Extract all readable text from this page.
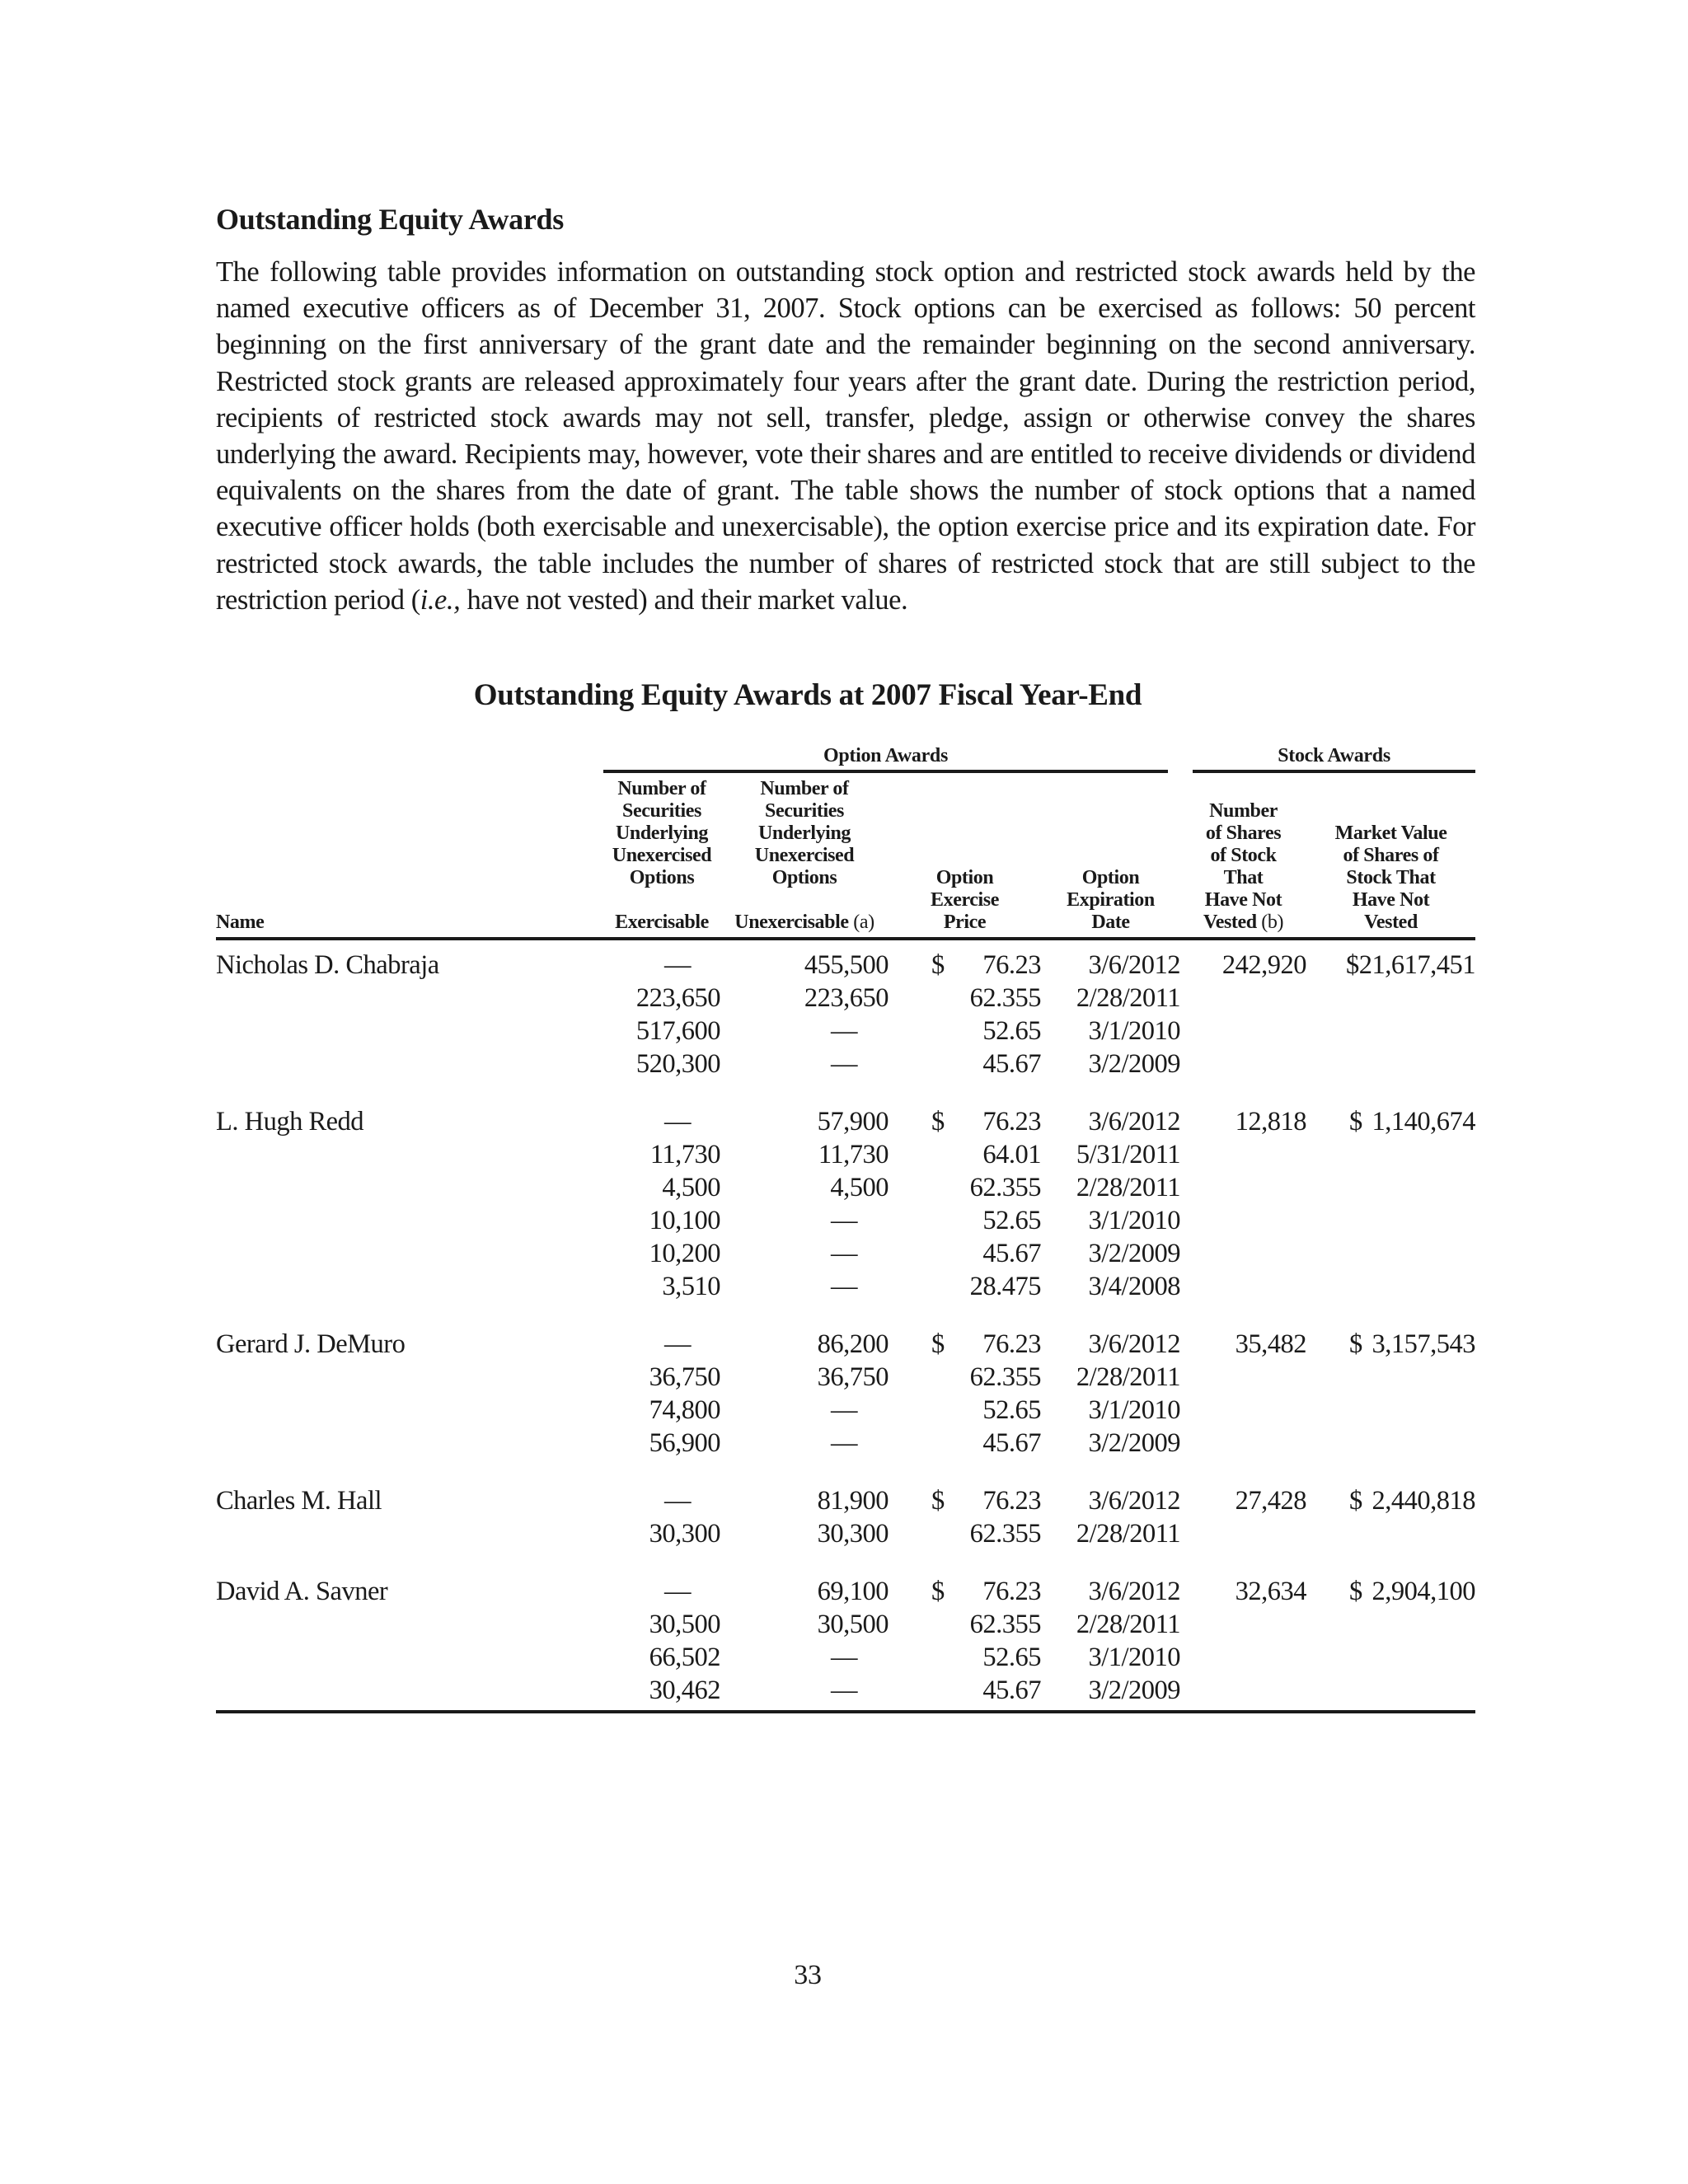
Outstanding Equity Awards

The following table provides information on outstanding stock option and restricted stock awards held by the named executive officers as of December 31, 2007. Stock options can be exercised as follows: 50 percent beginning on the first anniversary of the grant date and the remainder beginning on the second anniversary. Restricted stock grants are released approximately four years after the grant date. During the restriction period, recipients of restricted stock awards may not sell, transfer, pledge, assign or otherwise convey the shares underlying the award. Recipients may, however, vote their shares and are entitled to receive dividends or dividend equivalents on the shares from the date of grant. The table shows the number of stock options that a named executive officer holds (both exercisable and unexercisable), the option exercise price and its expiration date. For restricted stock awards, the table includes the number of shares of restricted stock that are still subject to the restriction period (i.e., have not vested) and their market value.

Outstanding Equity Awards at 2007 Fiscal Year-End
	Option Awards				Stock Awards	
Name	Number of
Securities
Underlying
Unexercised
Options

Exercisable	Number of
Securities
Underlying
Unexercised
Options

Unexercisable (a)	Option
Exercise
Price	Option
Expiration
Date	Number
of Shares
of Stock
That
Have Not
Vested (b)	Market Value
of Shares of
Stock That
Have Not
Vested
Nicholas D. Chabraja	—	455,500	$ 76.23	3/6/2012	242,920	$21,617,451
	223,650	223,650	62.355	2/28/2011		
	517,600	—	52.65	3/1/2010		
	520,300	—	45.67	3/2/2009		

L. Hugh Redd	—	57,900	$ 76.23	3/6/2012	12,818	$ 1,140,674
	11,730	11,730	64.01	5/31/2011		
	4,500	4,500	62.355	2/28/2011		
	10,100	—	52.65	3/1/2010		
	10,200	—	45.67	3/2/2009		
	3,510	—	28.475	3/4/2008		

Gerard J. DeMuro	—	86,200	$ 76.23	3/6/2012	35,482	$ 3,157,543
	36,750	36,750	62.355	2/28/2011		
	74,800	—	52.65	3/1/2010		
	56,900	—	45.67	3/2/2009		

Charles M. Hall	—	81,900	$ 76.23	3/6/2012	27,428	$ 2,440,818
	30,300	30,300	62.355	2/28/2011		

David A. Savner	—	69,100	$ 76.23	3/6/2012	32,634	$ 2,904,100
	30,500	30,500	62.355	2/28/2011		
	66,502	—	52.65	3/1/2010		
	30,462	—	45.67	3/2/2009		

33
